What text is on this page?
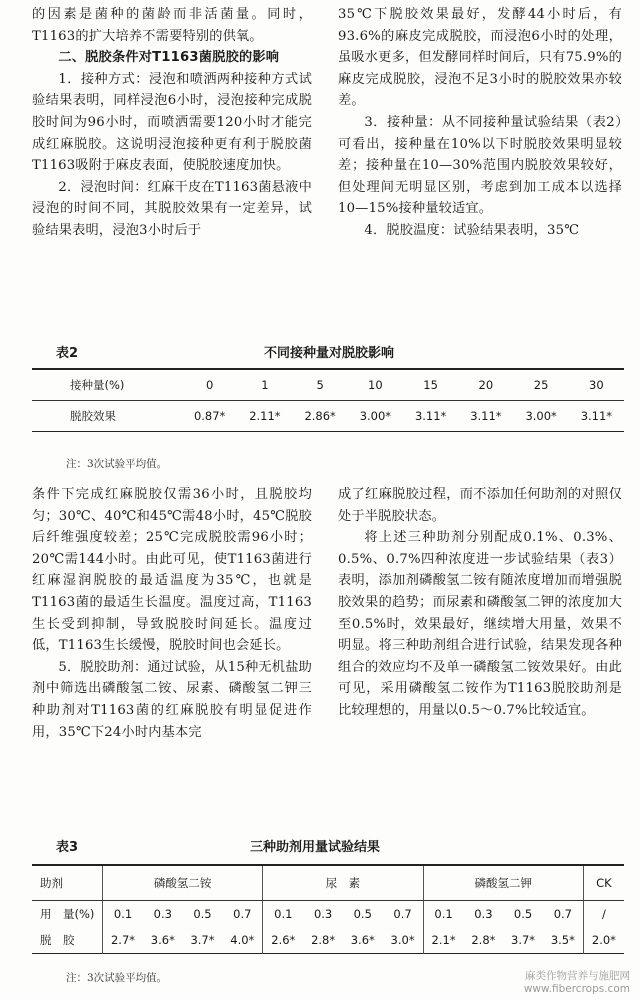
的因素是菌种的菌龄而非活菌量。同时，T1163的扩大培养不需要特别的供氧。

二、脱胶条件对T1163菌脱胶的影响

1．接种方式：浸泡和喷洒两种接种方式试验结果表明，同样浸泡6小时，浸泡接种完成脱胶时间为96小时，而喷洒需要120小时才能完成红麻脱胶。这说明浸泡接种更有利于脱胶菌T1163吸附于麻皮表面，使脱胶速度加快。

2．浸泡时间：红麻干皮在T1163菌悬液中浸泡的时间不同，其脱胶效果有一定差异，试验结果表明，浸泡3小时后于

35℃下脱胶效果最好，发酵44小时后，有93.6%的麻皮完成脱胶，而浸泡6小时的处理，虽吸水更多，但发酵同样时间后，只有75.9%的麻皮完成脱胶，浸泡不足3小时的脱胶效果亦较差。

3．接种量：从不同接种量试验结果（表2）可看出，接种量在10%以下时脱胶效果明显较差；接种量在10—30%范围内脱胶效果较好，但处理间无明显区别，考虑到加工成本以选择10—15%接种量较适宜。

4．脱胶温度：试验结果表明，35℃

表2	不同接种量对脱胶影响
接种量(%)	0	1	5	10	15	20	25	30
脱胶效果	0.87*	2.11*	2.86*	3.00*	3.11*	3.11*	3.00*	3.11*
注：3次试验平均值。

条件下完成红麻脱胶仅需36小时，且脱胶均匀；30℃、40℃和45℃需48小时，45℃脱胶后纤维强度较差；25℃完成脱胶需96小时；20℃需144小时。由此可见，使T1163菌进行红麻湿润脱胶的最适温度为35℃，也就是T1163菌的最适生长温度。温度过高，T1163生长受到抑制，导致脱胶时间延长。温度过低，T1163生长缓慢，脱胶时间也会延长。

5．脱胶助剂：通过试验，从15种无机盐助剂中筛选出磷酸氢二铵、尿素、磷酸氢二钾三种助剂对T1163菌的红麻脱胶有明显促进作用，35℃下24小时内基本完

成了红麻脱胶过程，而不添加任何助剂的对照仅处于半脱胶状态。

将上述三种助剂分别配成0.1%、0.3%、0.5%、0.7%四种浓度进一步试验结果（表3）表明，添加剂磷酸氢二铵有随浓度增加而增强脱胶效果的趋势；而尿素和磷酸氢二钾的浓度加大至0.5%时，效果最好，继续增大用量，效果不明显。将三种助剂组合进行试验，结果发现各种组合的效应均不及单一磷酸氢二铵效果好。由此可见，采用磷酸氢二铵作为T1163脱胶助剂是比较理想的，用量以0.5～0.7%比较适宜。

表3	三种助剂用量试验结果
助剂	磷酸氢二铵				尿　素				磷酸氢二钾				CK
用　量(%)	0.1	0.3	0.5	0.7	0.1	0.3	0.5	0.7	0.1	0.3	0.5	0.7	/
脱　胶	2.7*	3.6*	3.7*	4.0*	2.6*	2.8*	3.6*	3.0*	2.1*	2.8*	3.7*	3.5*	2.0*
注：3次试验平均值。	麻类作物营养与施肥网
www.fibercrops.com
